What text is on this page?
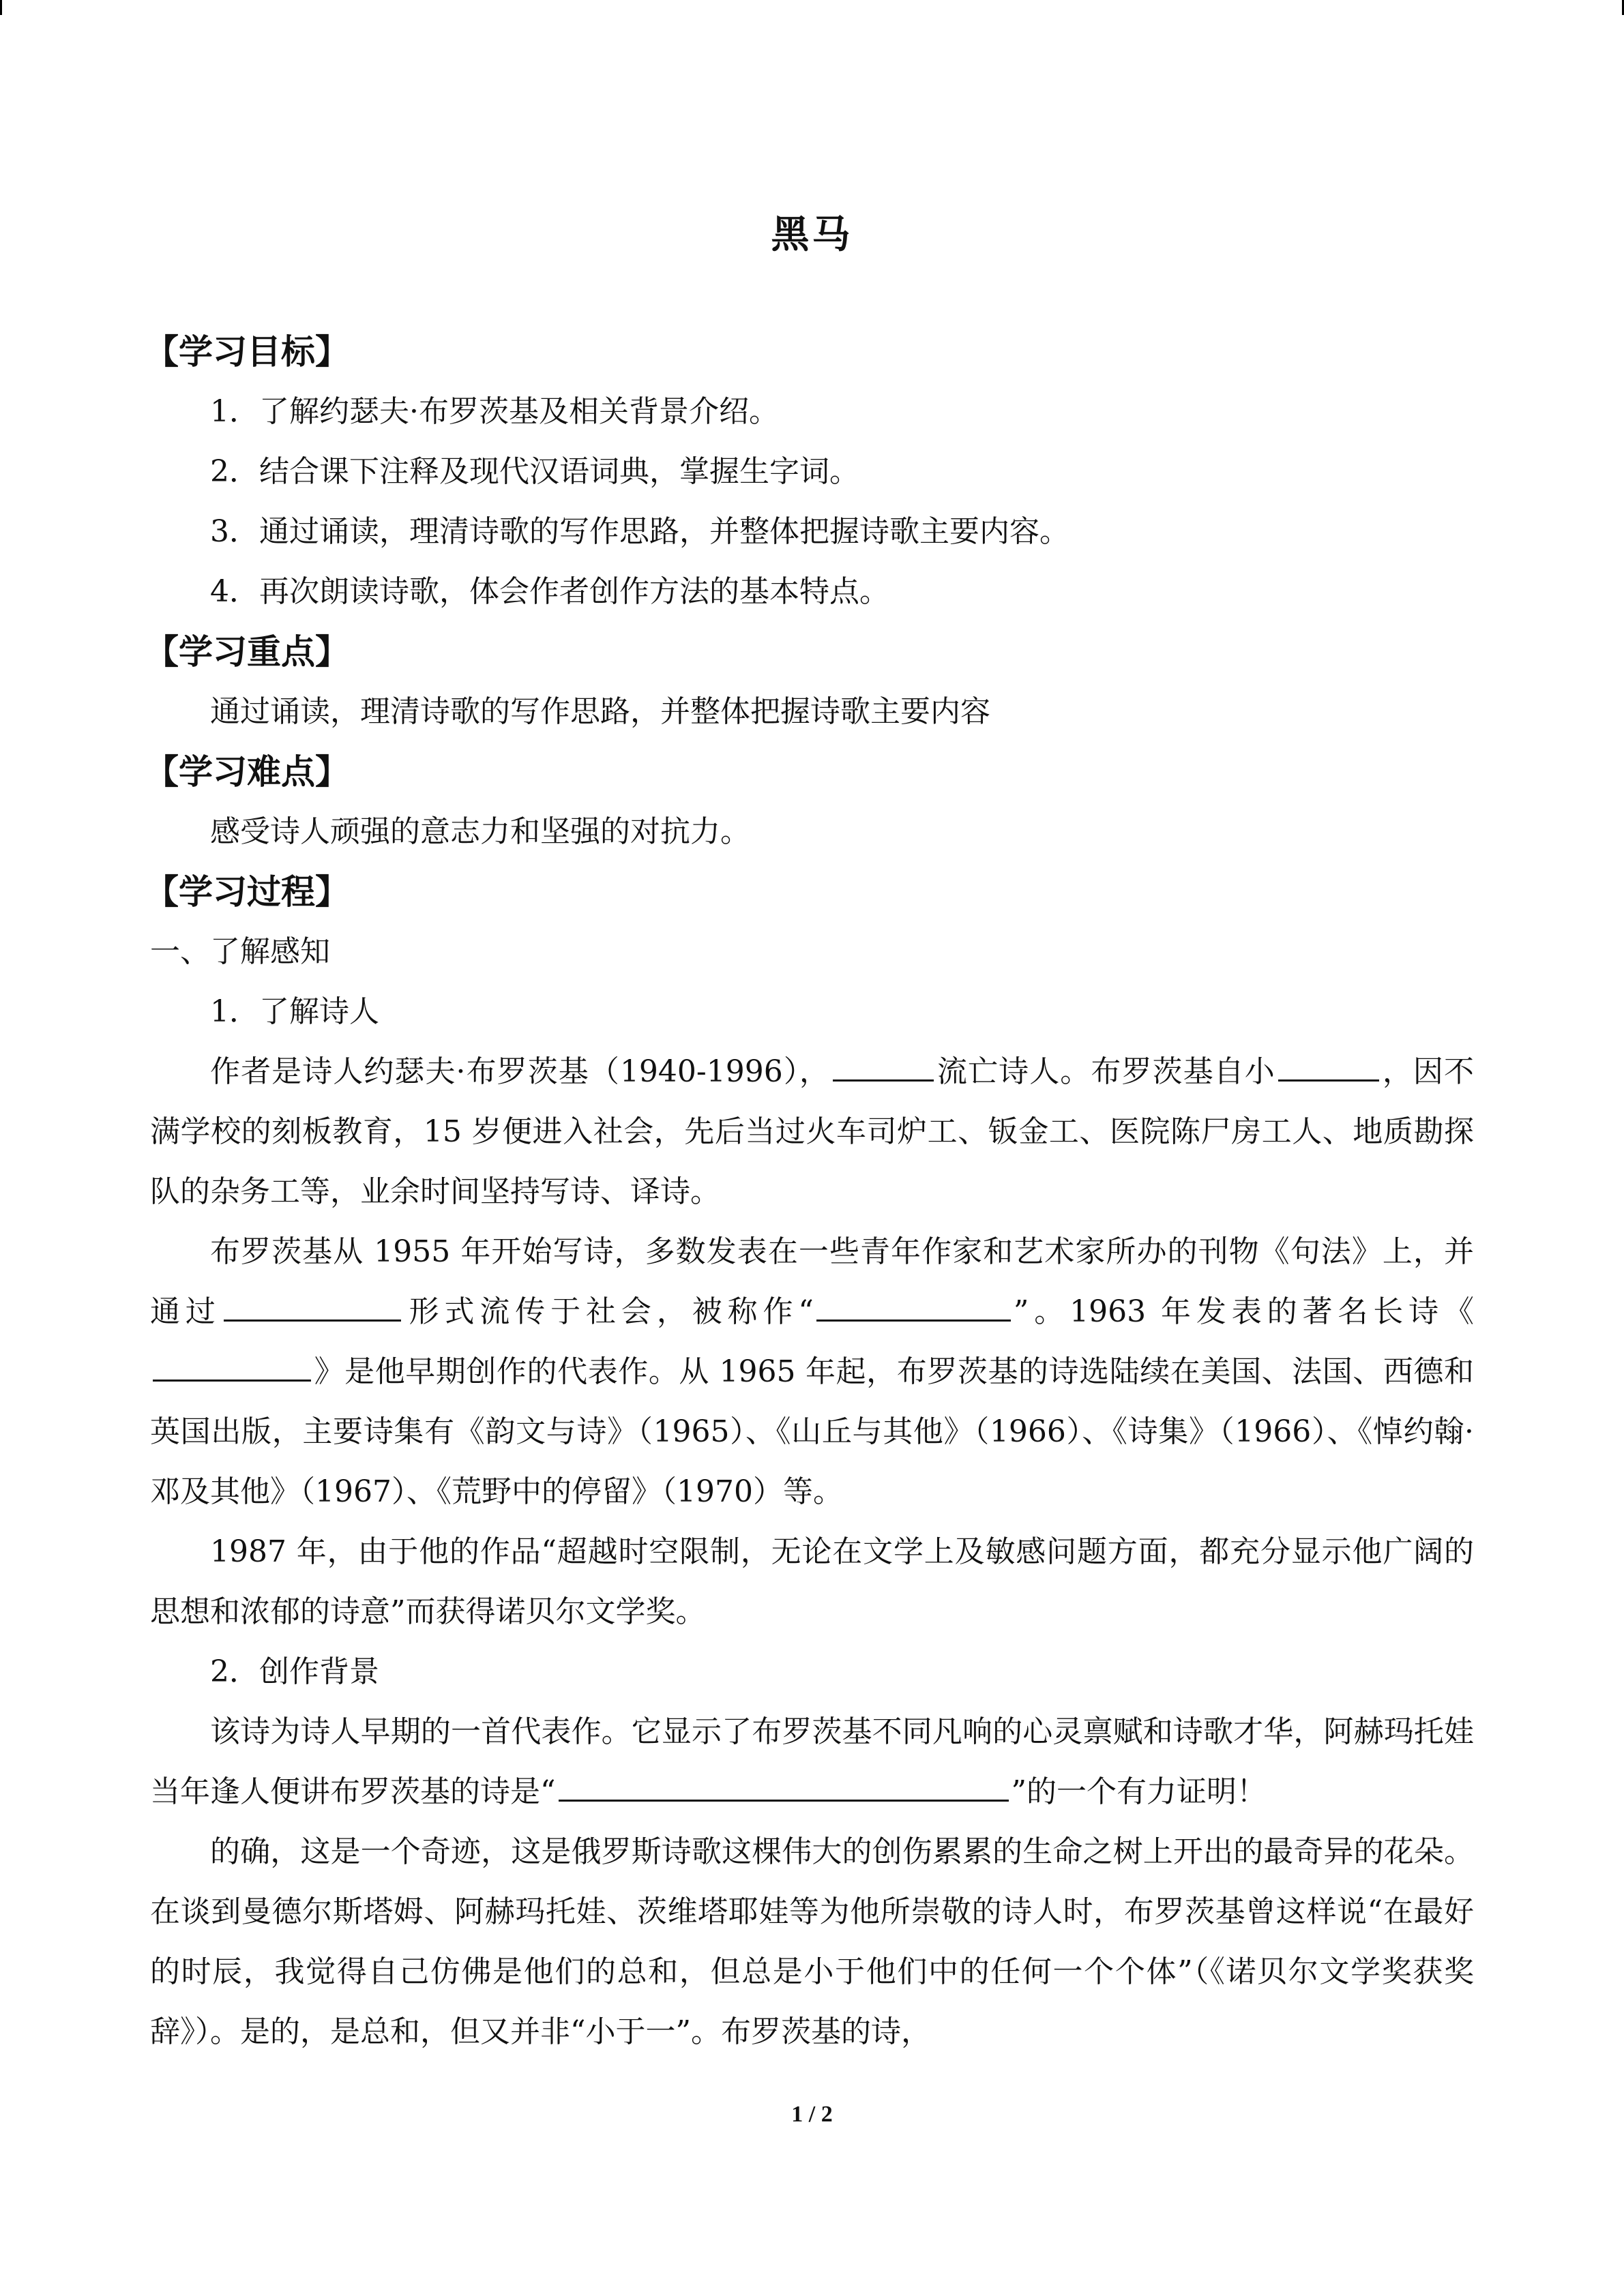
黑马
【学习目标】
1．了解约瑟夫·布罗茨基及相关背景介绍。
2．结合课下注释及现代汉语词典，掌握生字词。
3．通过诵读，理清诗歌的写作思路，并整体把握诗歌主要内容。
4．再次朗读诗歌，体会作者创作方法的基本特点。
【学习重点】
通过诵读，理清诗歌的写作思路，并整体把握诗歌主要内容
【学习难点】
感受诗人顽强的意志力和坚强的对抗力。
【学习过程】
一、了解感知
1．了解诗人
作者是诗人约瑟夫·布罗茨基（1940-1996），	流亡诗人。布罗茨基自小	，因不满学校的刻板教育，15 岁便进入社会，先后当过火车司炉工、钣金工、医院陈尸房工人、地质勘探队的杂务工等，业余时间坚持写诗、译诗。
布罗茨基从 1955 年开始写诗，多数发表在一些青年作家和艺术家所办的刊物《句法》上，并通过	形式流传于社会，被称作“	”。1963 年发表的著名长诗《》是他早期创作的代表作。从 1965 年起，布罗茨基的诗选陆续在美国、法国、西德和英国出版，主要诗集有《韵文与诗》（1965）、《山丘与其他》（1966）、《诗集》（1966）、《悼约翰·邓及其他》（1967）、《荒野中的停留》（1970）等。
1987 年，由于他的作品“超越时空限制，无论在文学上及敏感问题方面，都充分显示他广阔的思想和浓郁的诗意”而获得诺贝尔文学奖。
2．创作背景
该诗为诗人早期的一首代表作。它显示了布罗茨基不同凡响的心灵禀赋和诗歌才华，阿赫玛托娃当年逢人便讲布罗茨基的诗是“	”的一个有力证明！
的确，这是一个奇迹，这是俄罗斯诗歌这棵伟大的创伤累累的生命之树上开出的最奇异的花朵。在谈到曼德尔斯塔姆、阿赫玛托娃、茨维塔耶娃等为他所崇敬的诗人时，布罗茨基曾这样说“在最好的时辰，我觉得自己仿佛是他们的总和，但总是小于他们中的任何一个个体”（《诺贝尔文学奖获奖辞》）。是的，是总和，但又并非“小于一”。布罗茨基的诗，
1 / 2
